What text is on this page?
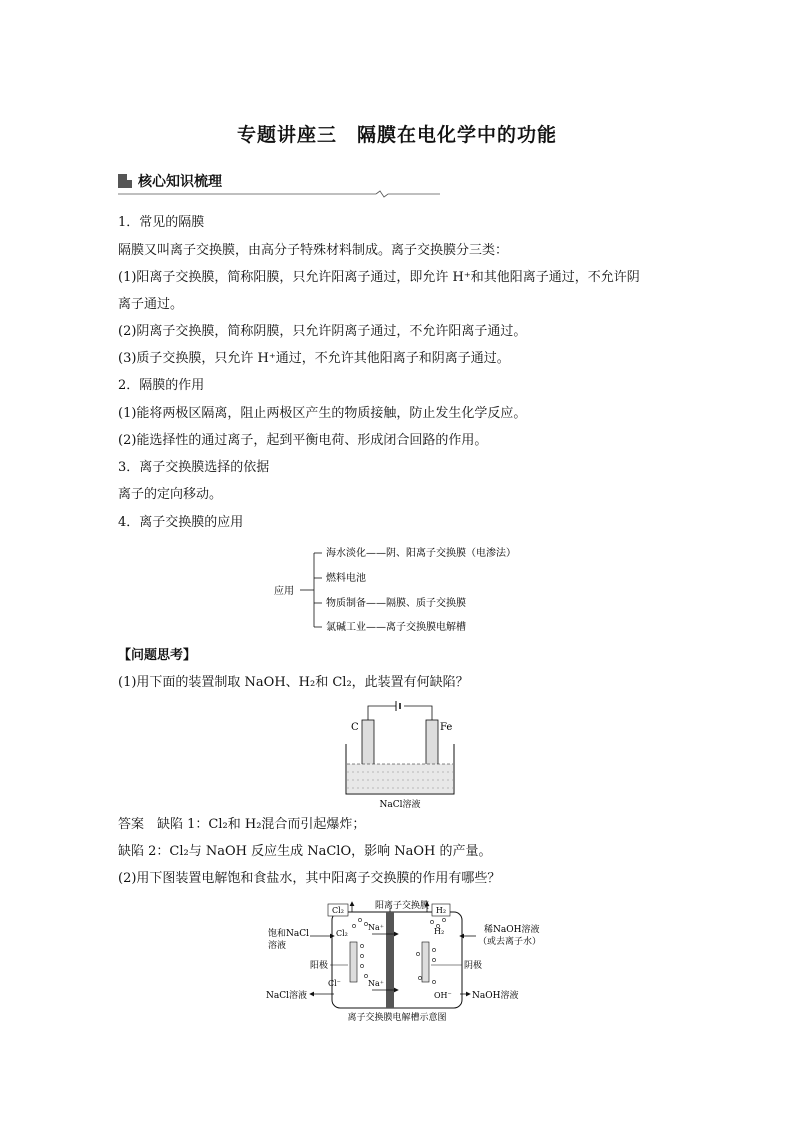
专题讲座三　隔膜在电化学中的功能
核心知识梳理
1．常见的隔膜
隔膜又叫离子交换膜，由高分子特殊材料制成。离子交换膜分三类：
(1)阳离子交换膜，简称阳膜，只允许阳离子通过，即允许 H⁺和其他阳离子通过，不允许阴
离子通过。
(2)阴离子交换膜，简称阴膜，只允许阴离子通过，不允许阳离子通过。
(3)质子交换膜，只允许 H⁺通过，不允许其他阳离子和阴离子通过。
2．隔膜的作用
(1)能将两极区隔离，阻止两极区产生的物质接触，防止发生化学反应。
(2)能选择性的通过离子，起到平衡电荷、形成闭合回路的作用。
3．离子交换膜选择的依据
离子的定向移动。
4．离子交换膜的应用
应用
海水淡化——阴、阳离子交换膜（电渗法）
燃料电池
物质制备——隔膜、质子交换膜
氯碱工业——离子交换膜电解槽
【问题思考】
(1)用下面的装置制取 NaOH、H₂和 Cl₂，此装置有何缺陷？
C	Fe
NaCl溶液
答案　缺陷 1：Cl₂和 H₂混合而引起爆炸；
缺陷 2：Cl₂与 NaOH 反应生成 NaClO，影响 NaOH 的产量。
(2)用下图装置电解饱和食盐水，其中阳离子交换膜的作用有哪些？
阳离子交换膜
Cl₂	H₂
饱和NaCl
溶液
稀NaOH溶液
（或去离子水）
阳极	阴极
Cl₂
Na⁺
Na⁺
Cl⁻
H₂
OH⁻
NaCl溶液	NaOH溶液
离子交换膜电解槽示意图
